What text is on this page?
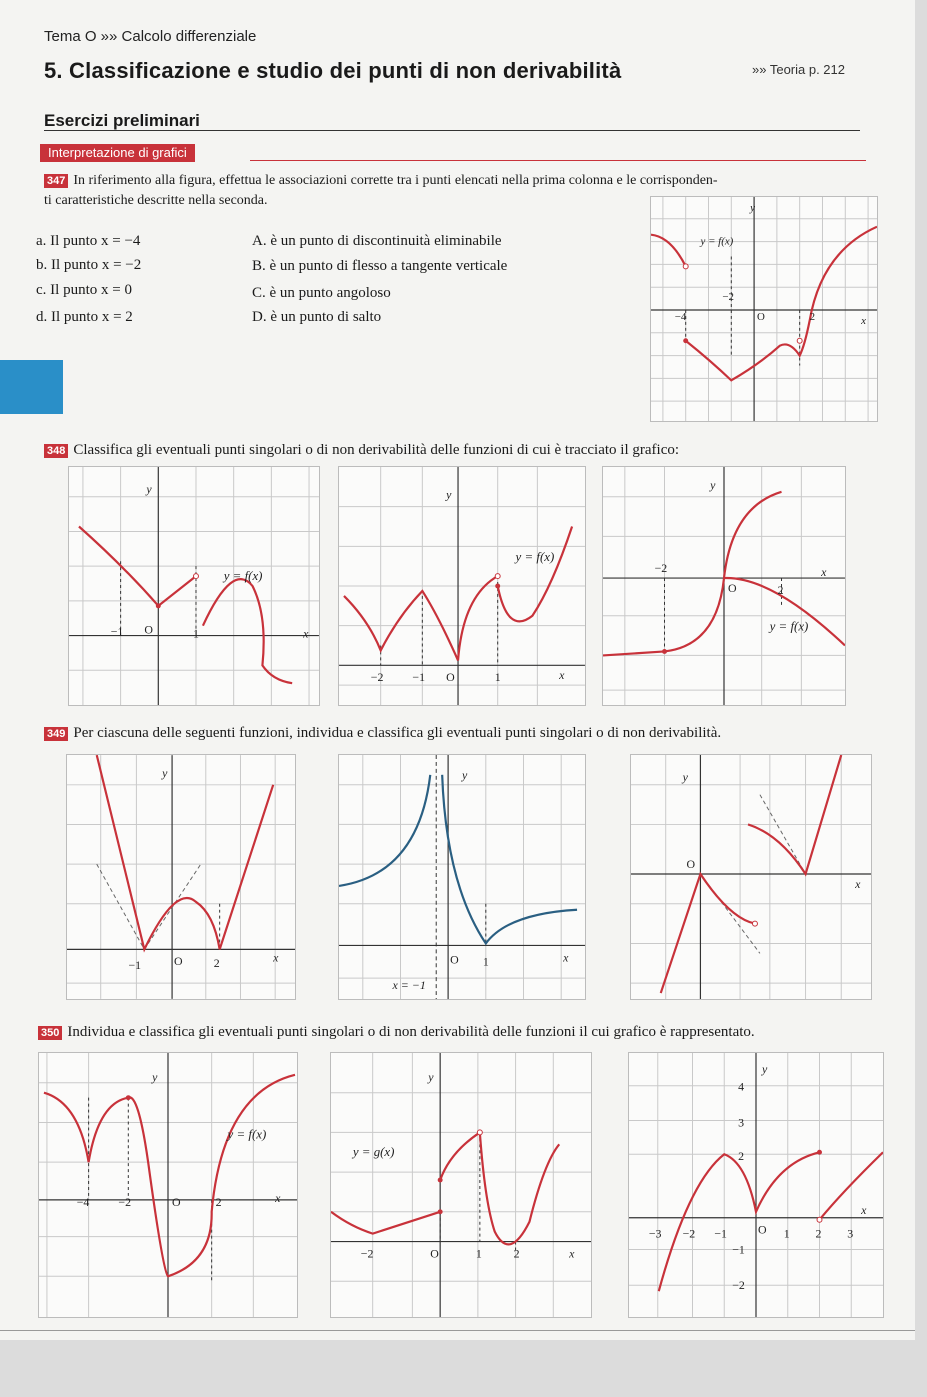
Tema O »» Calcolo differenziale
5. Classificazione e studio dei punti di non derivabilità	»» Teoria p. 212
Esercizi preliminari
Interpretazione di grafici
347 In riferimento alla figura, effettua le associazioni corrette tra i punti elencati nella prima colonna e le corrisponden-
ti caratteristiche descritte nella seconda.
a. Il punto x = −4
b. Il punto x = −2
c. Il punto x = 0
d. Il punto x = 2
A. è un punto di discontinuità eliminabile
B. è un punto di flesso a tangente verticale
C. è un punto angoloso
D. è un punto di salto
y = f(x)
y
x
−4
−2
O	2
348 Classifica gli eventuali punti singolari o di non derivabilità delle funzioni di cui è tracciato il grafico:
y = f(x)
y
x
−1 O	1
y = f(x)
y
x
−2 −1 O	1
y = f(x)
y
x
−2
O	2
349 Per ciascuna delle seguenti funzioni, individua e classifica gli eventuali punti singolari o di non derivabilità.
y
x
−1	O	2
y
x
O 1
x = −1
y
x
O
350 Individua e classifica gli eventuali punti singolari o di non derivabilità delle funzioni il cui grafico è rappresentato.
y = f(x)
y
x
−4 −2	O	2
y = g(x)
y
x
−2	O	1	2
y
x
−3 −2 −1	O 1 2 3
4
3
2
−1
−2
